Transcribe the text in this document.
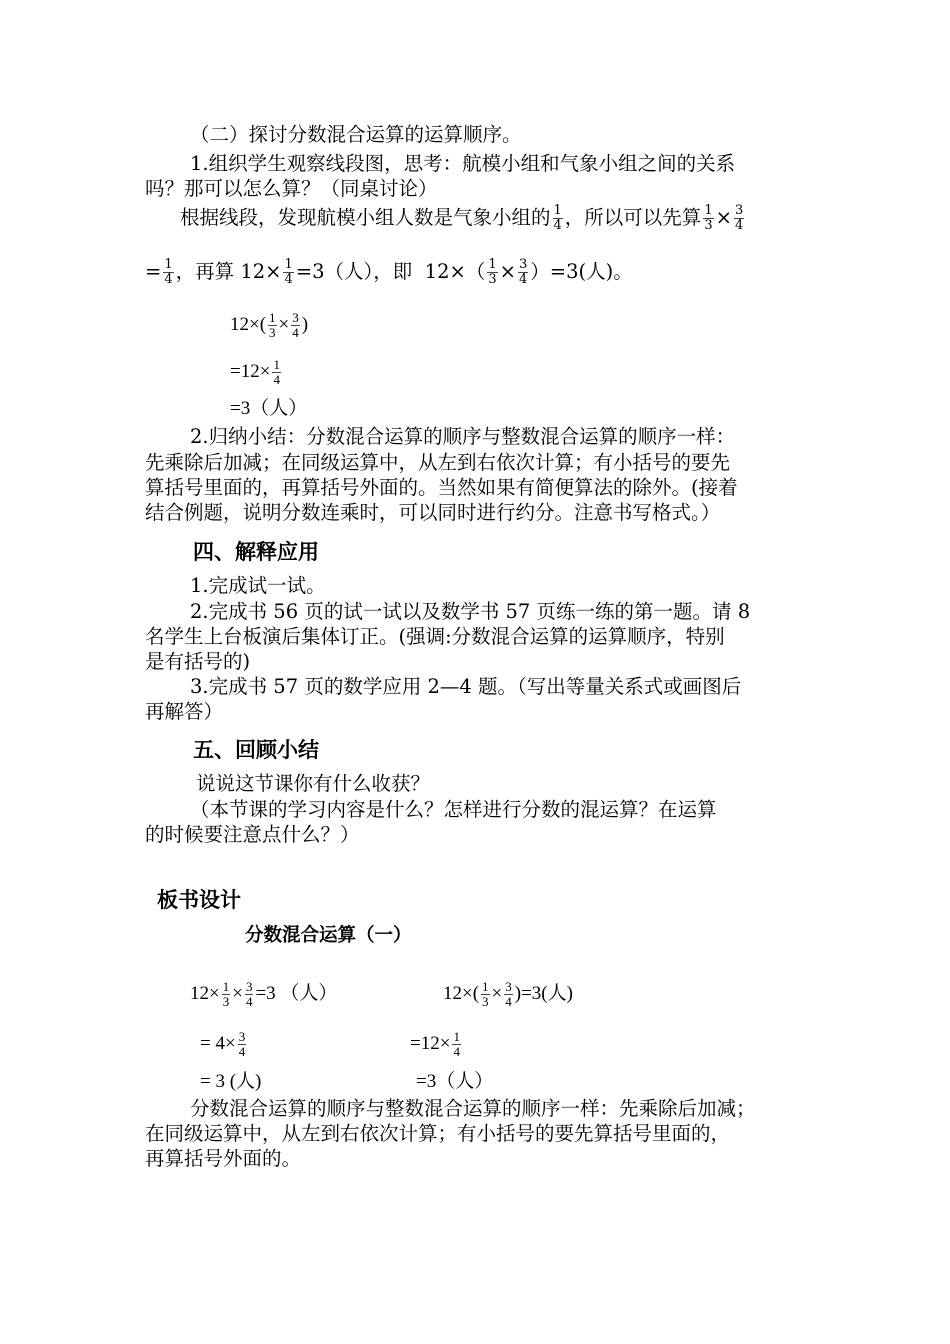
（二）探讨分数混合运算的运算顺序。
1.组织学生观察线段图，思考：航模小组和气象小组之间的关系
吗？那可以怎么算？（同桌讨论）
根据线段，发现航模小组人数是气象小组的 $\frac{1}{4}$ ，所以可以先算 $\frac{1}{3} \times \frac{3}{4}$
= $\frac{1}{4}$ ，再算 $12\times \frac{1}{4} =3$（人），即 $12\times( \frac{1}{3} \times \frac{3}{4} )=3$(人)。
$12\times( \frac{1}{3} \times \frac{3}{4}$ )
$=12\times \frac{1}{4}$
=3（人）
2.归纳小结：分数混合运算的顺序与整数混合运算的顺序一样：
先乘除后加减；在同级运算中，从左到右依次计算；有小括号的要先
算括号里面的，再算括号外面的。当然如果有简便算法的除外。(接着
结合例题，说明分数连乘时，可以同时进行约分。注意书写格式。）
四、解释应用
1.完成试一试。
2.完成书 56 页的试一试以及数学书 57 页练一练的第一题。请 8
名学生上台板演后集体订正。(强调:分数混合运算的运算顺序，特别
是有括号的)
3.完成书 57 页的数学应用 2—4 题。（写出等量关系式或画图后
再解答）
五、回顾小结
说说这节课你有什么收获？
（本节课的学习内容是什么？怎样进行分数的混运算？在运算
的时候要注意点什么？）
板书设计
分数混合运算（一）
$12\times \frac{1}{3} \times \frac{3}{4} =3$ （人）	$12\times( \frac{1}{3} \times \frac{3}{4} )=3$(人)
= $4\times \frac{3}{4}$	$=12\times \frac{1}{4}$
= 3 (人)	=3（人）
分数混合运算的顺序与整数混合运算的顺序一样：先乘除后加减；
在同级运算中，从左到右依次计算；有小括号的要先算括号里面的，
再算括号外面的。
